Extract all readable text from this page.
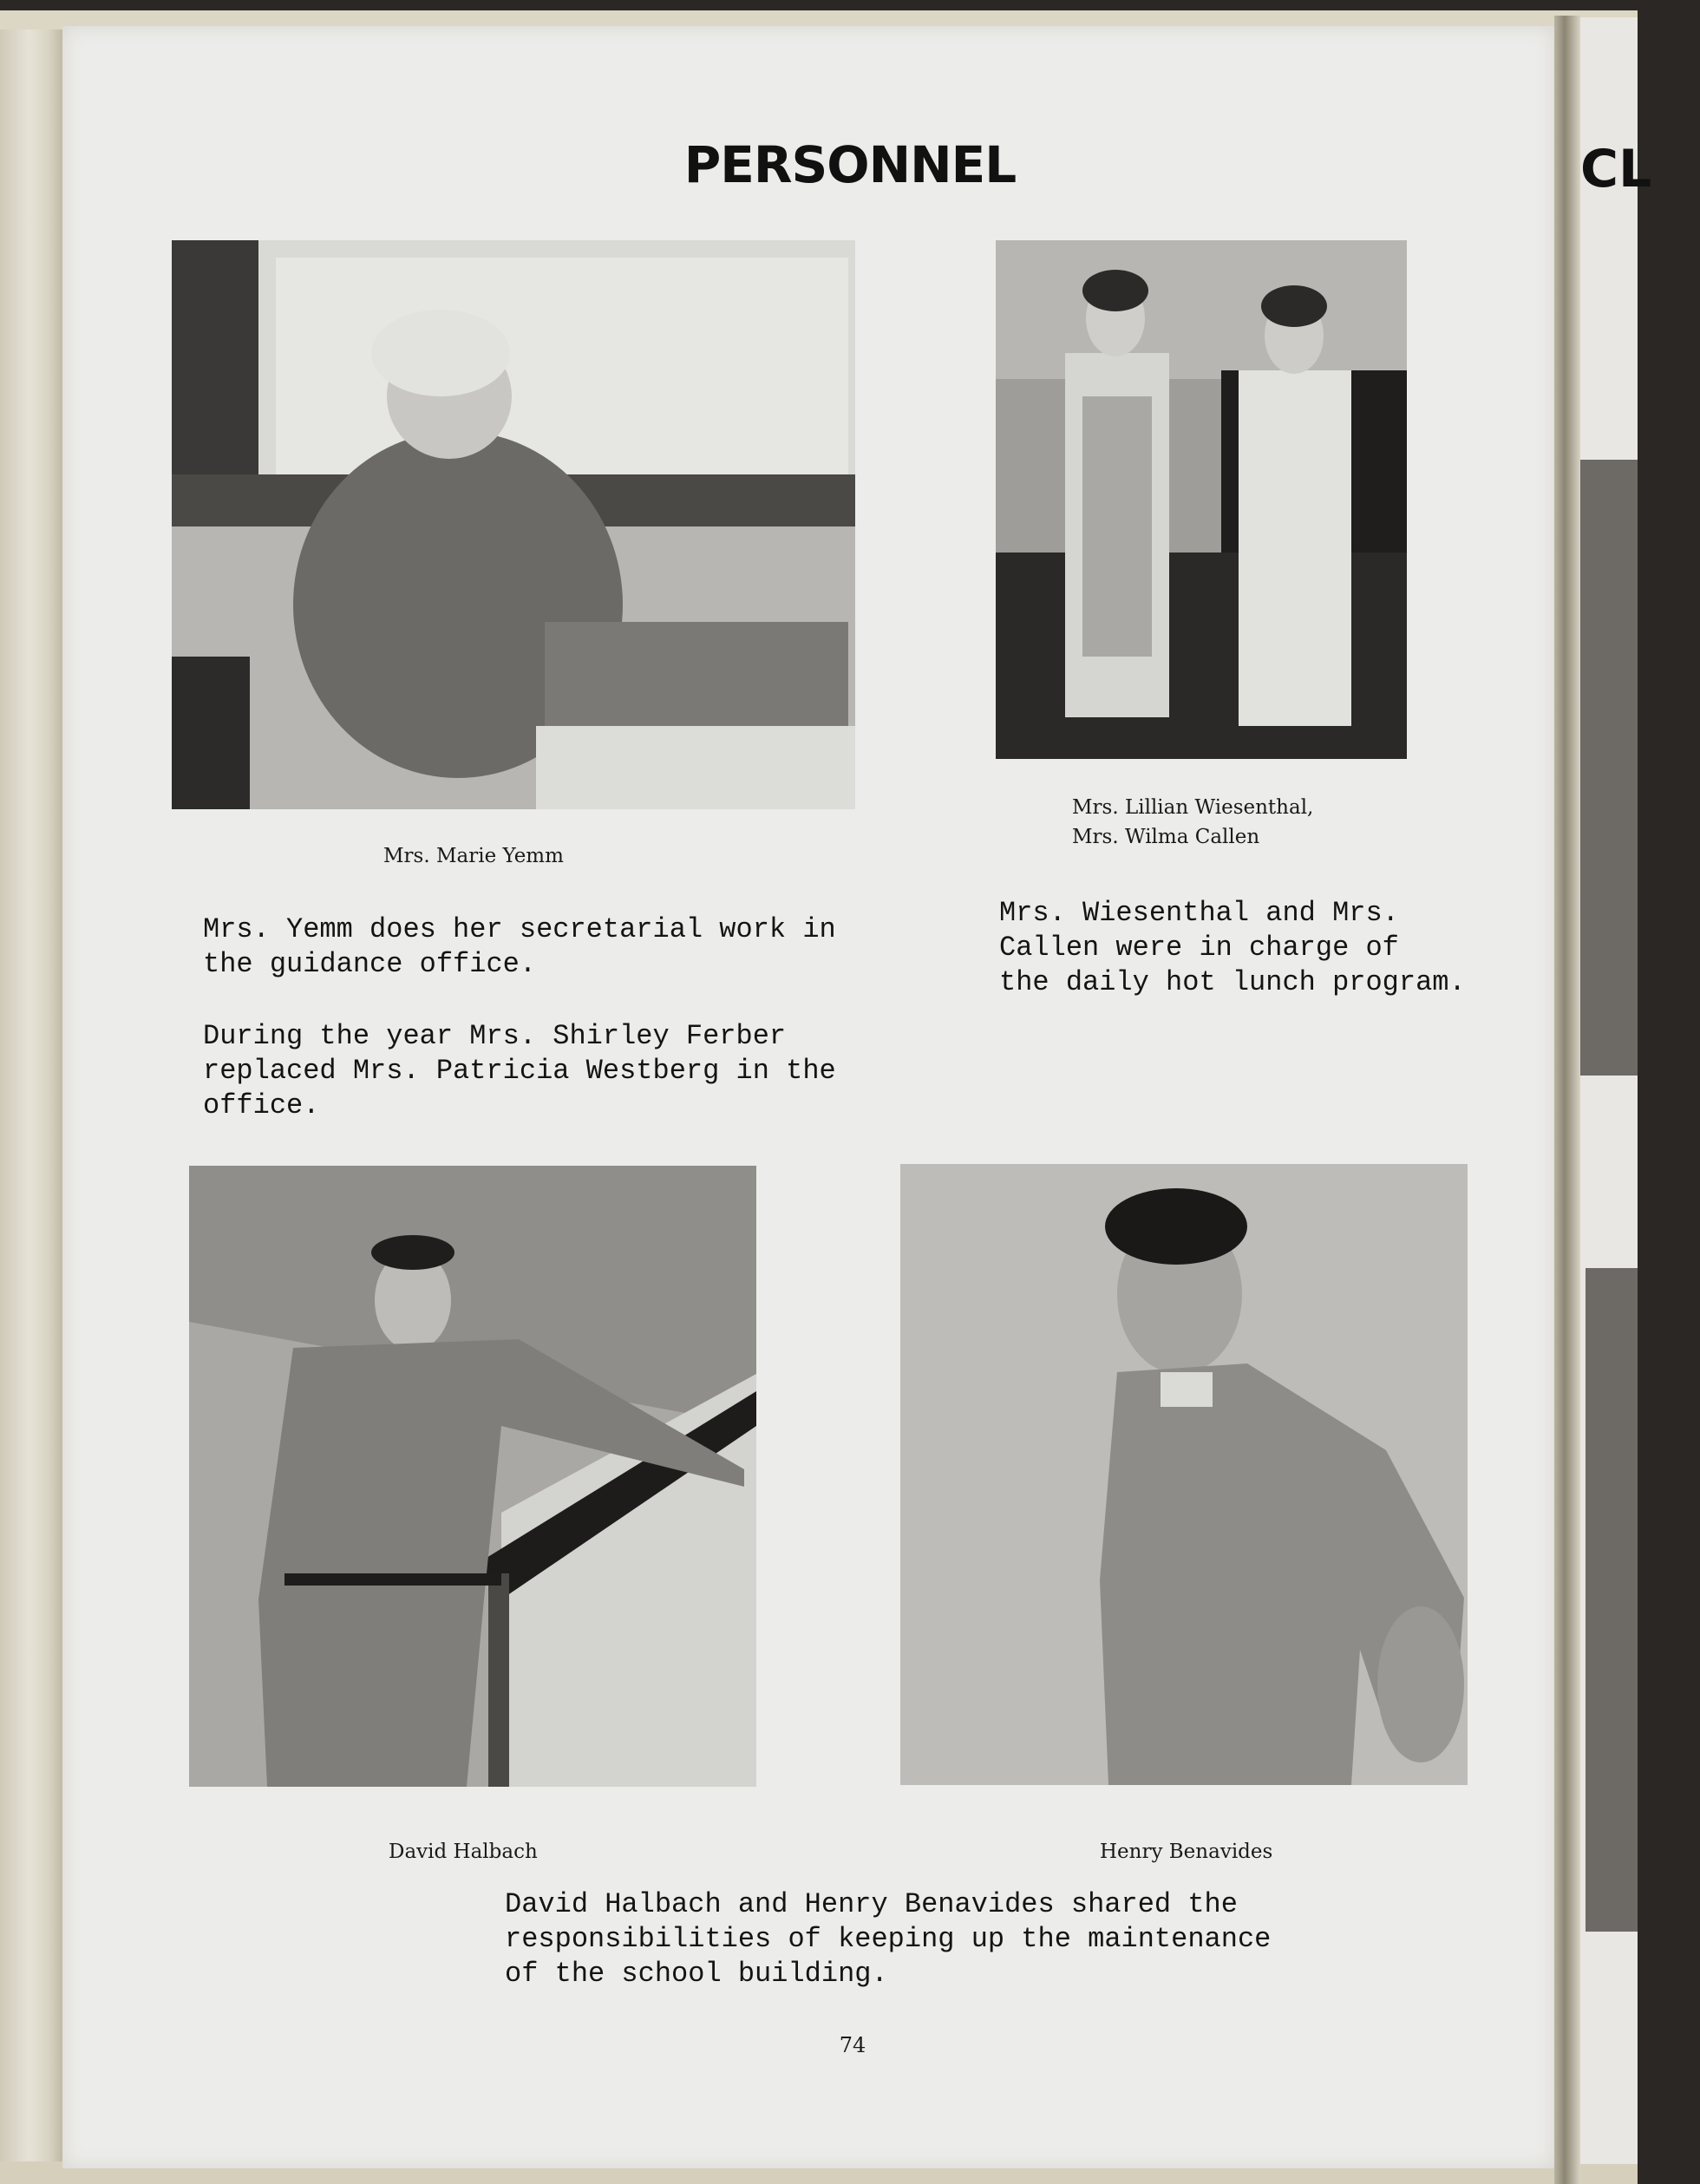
CL
PERSONNEL
Mrs. Marie Yemm
Mrs. Yemm does her secretarial work in
the guidance office.
During the year Mrs. Shirley Ferber
replaced Mrs. Patricia Westberg in the
office.
Mrs. Lillian Wiesenthal,
Mrs. Wilma Callen
Mrs. Wiesenthal and Mrs.
Callen were in charge of
the daily hot lunch program.
David Halbach	Henry Benavides
David Halbach and Henry Benavides shared the
responsibilities of keeping up the maintenance
of the school building.
74
